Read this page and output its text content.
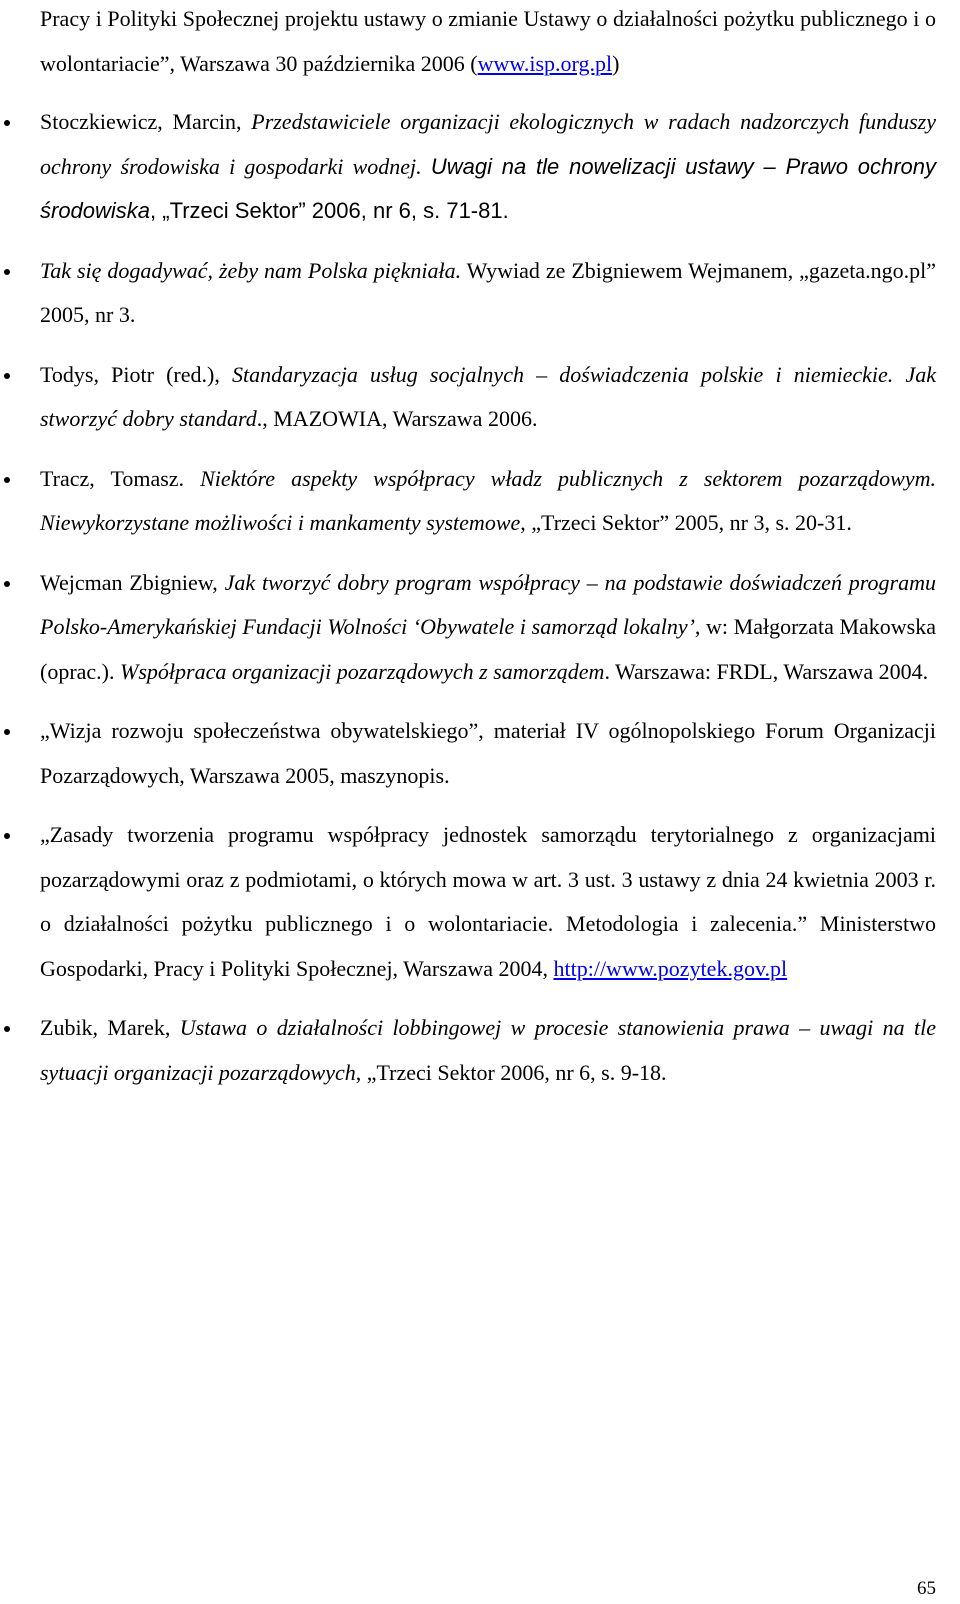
Pracy i Polityki Społecznej projektu ustawy o zmianie Ustawy o działalności pożytku publicznego i o wolontariacie”, Warszawa 30 października 2006 (www.isp.org.pl)

Stoczkiewicz, Marcin, Przedstawiciele organizacji ekologicznych w radach nadzorczych funduszy ochrony środowiska i gospodarki wodnej. Uwagi na tle nowelizacji ustawy – Prawo ochrony środowiska, „Trzeci Sektor” 2006, nr 6, s. 71-81.

Tak się dogadywać, żeby nam Polska piękniała. Wywiad ze Zbigniewem Wejmanem, „gazeta.ngo.pl” 2005, nr 3.

Todys, Piotr (red.), Standaryzacja usług socjalnych – doświadczenia polskie i niemieckie. Jak stworzyć dobry standard., MAZOWIA, Warszawa 2006.

Tracz, Tomasz. Niektóre aspekty współpracy władz publicznych z sektorem pozarządowym. Niewykorzystane możliwości i mankamenty systemowe, „Trzeci Sektor” 2005, nr 3, s. 20-31.

Wejcman Zbigniew, Jak tworzyć dobry program współpracy – na podstawie doświadczeń programu Polsko-Amerykańskiej Fundacji Wolności ‘Obywatele i samorząd lokalny’, w: Małgorzata Makowska (oprac.). Współpraca organizacji pozarządowych z samorządem. Warszawa: FRDL, Warszawa 2004.

„Wizja rozwoju społeczeństwa obywatelskiego”, materiał IV ogólnopolskiego Forum Organizacji Pozarządowych, Warszawa 2005, maszynopis.

„Zasady tworzenia programu współpracy jednostek samorządu terytorialnego z organizacjami pozarządowymi oraz z podmiotami, o których mowa w art. 3 ust. 3 ustawy z dnia 24 kwietnia 2003 r. o działalności pożytku publicznego i o wolontariacie. Metodologia i zalecenia.” Ministerstwo Gospodarki, Pracy i Polityki Społecznej, Warszawa 2004, http://www.pozytek.gov.pl

Zubik, Marek, Ustawa o działalności lobbingowej w procesie stanowienia prawa – uwagi na tle sytuacji organizacji pozarządowych, „Trzeci Sektor 2006, nr 6, s. 9-18.

65
